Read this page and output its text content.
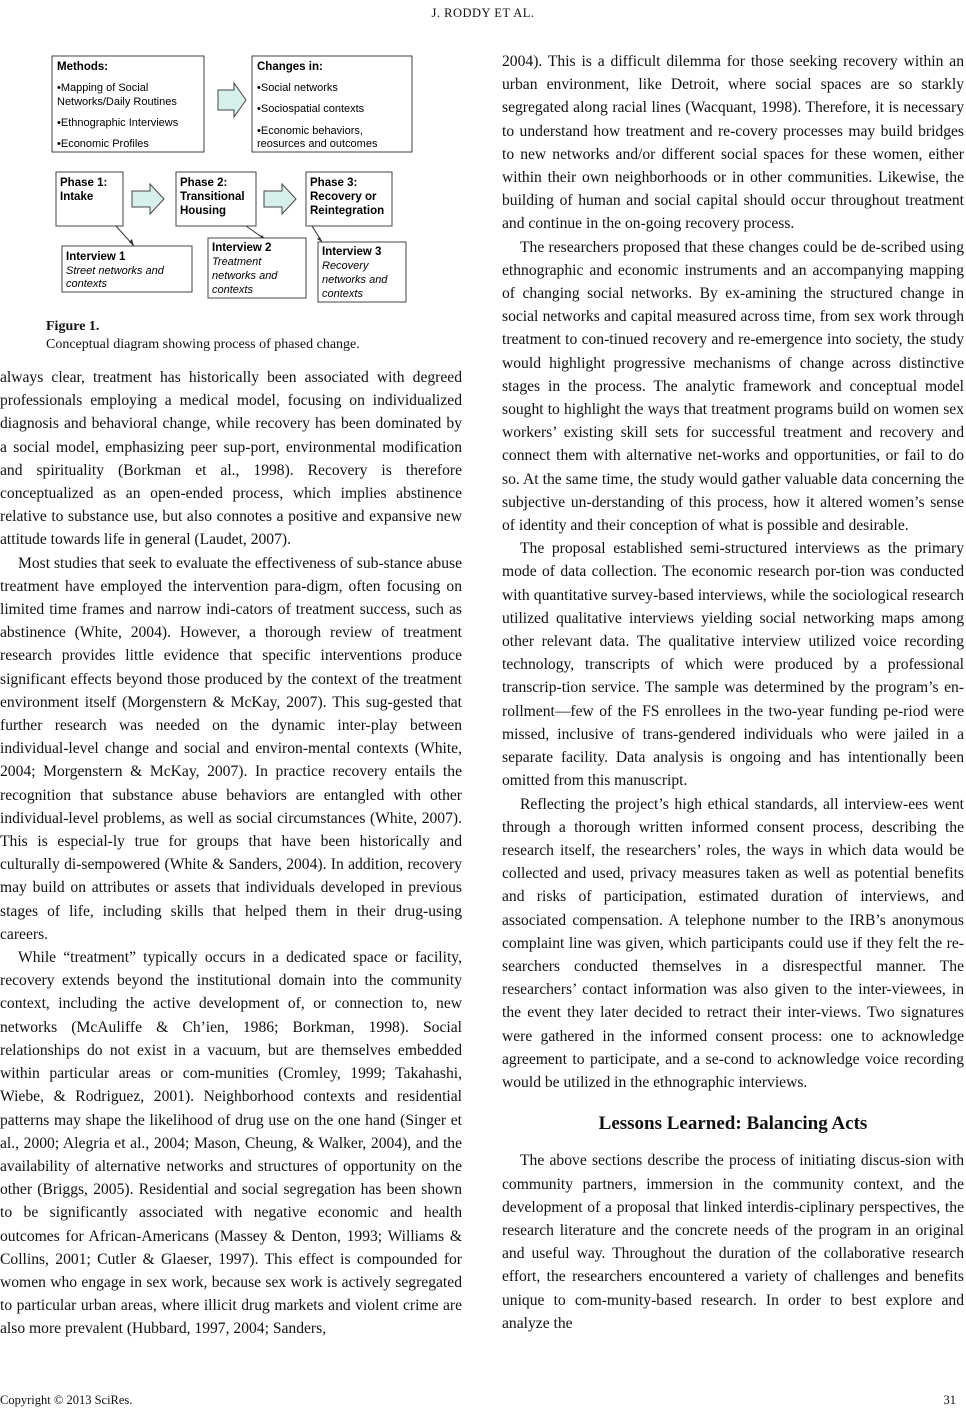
J. RODDY ET AL.
Methods:
•Mapping of Social
Networks/Daily Routines
•Ethnographic Interviews
•Economic Profiles
Changes in:
•Social networks
•Sociospatial contexts
•Economic behaviors,
reosurces and outcomes
Phase 1:
Intake
Phase 2:
Transitional
Housing
Phase 3:
Recovery or
Reintegration
Interview 1
Street networks and
contexts
Interview 2
Treatment
networks and
contexts
Interview 3
Recovery
networks and
contexts
Figure 1.
Conceptual diagram showing process of phased change.

always clear, treatment has historically been associated with degreed professionals employing a medical model, focusing on individualized diagnosis and behavioral change, while recovery has been dominated by a social model, emphasizing peer sup-port, environmental modification and spirituality (Borkman et al., 1998). Recovery is therefore conceptualized as an open-ended process, which implies abstinence relative to substance use, but also connotes a positive and expansive new attitude towards life in general (Laudet, 2007).

Most studies that seek to evaluate the effectiveness of sub-stance abuse treatment have employed the intervention para-digm, often focusing on limited time frames and narrow indi-cators of treatment success, such as abstinence (White, 2004). However, a thorough review of treatment research provides little evidence that specific interventions produce significant effects beyond those produced by the context of the treatment environment itself (Morgenstern & McKay, 2007). This sug-gested that further research was needed on the dynamic inter-play between individual-level change and social and environ-mental contexts (White, 2004; Morgenstern & McKay, 2007). In practice recovery entails the recognition that substance abuse behaviors are entangled with other individual-level problems, as well as social circumstances (White, 2007). This is especial-ly true for groups that have been historically and culturally di-sempowered (White & Sanders, 2004). In addition, recovery may build on attributes or assets that individuals developed in previous stages of life, including skills that helped them in their drug-using careers.

While “treatment” typically occurs in a dedicated space or facility, recovery extends beyond the institutional domain into the community context, including the active development of, or connection to, new networks (McAuliffe & Ch’ien, 1986; Borkman, 1998). Social relationships do not exist in a vacuum, but are themselves embedded within particular areas or com-munities (Cromley, 1999; Takahashi, Wiebe, & Rodriguez, 2001). Neighborhood contexts and residential patterns may shape the likelihood of drug use on the one hand (Singer et al., 2000; Alegria et al., 2004; Mason, Cheung, & Walker, 2004), and the availability of alternative networks and structures of opportunity on the other (Briggs, 2005). Residential and social segregation has been shown to be significantly associated with negative economic and health outcomes for African-Americans (Massey & Denton, 1993; Williams & Collins, 2001; Cutler & Glaeser, 1997). This effect is compounded for women who engage in sex work, because sex work is actively segregated to particular urban areas, where illicit drug markets and violent crime are also more prevalent (Hubbard, 1997, 2004; Sanders,

2004). This is a difficult dilemma for those seeking recovery within an urban environment, like Detroit, where social spaces are so starkly segregated along racial lines (Wacquant, 1998). Therefore, it is necessary to understand how treatment and re-covery processes may build bridges to new networks and/or different social spaces for these women, either within their own neighborhoods or in other communities. Likewise, the building of human and social capital should occur throughout treatment and continue in the on-going recovery process.

The researchers proposed that these changes could be de-scribed using ethnographic and economic instruments and an accompanying mapping of changing social networks. By ex-amining the structured change in social networks and capital measured across time, from sex work through treatment to con-tinued recovery and re-emergence into society, the study would highlight progressive mechanisms of change across distinctive stages in the process. The analytic framework and conceptual model sought to highlight the ways that treatment programs build on women sex workers’ existing skill sets for successful treatment and recovery and connect them with alternative net-works and opportunities, or fail to do so. At the same time, the study would gather valuable data concerning the subjective un-derstanding of this process, how it altered women’s sense of identity and their conception of what is possible and desirable.

The proposal established semi-structured interviews as the primary mode of data collection. The economic research por-tion was conducted with quantitative survey-based interviews, while the sociological research utilized qualitative interviews yielding social networking maps among other relevant data. The qualitative interview utilized voice recording technology, transcripts of which were produced by a professional transcrip-tion service. The sample was determined by the program’s en-rollment—few of the FS enrollees in the two-year funding pe-riod were missed, inclusive of trans-gendered individuals who were jailed in a separate facility. Data analysis is ongoing and has intentionally been omitted from this manuscript.

Reflecting the project’s high ethical standards, all interview-ees went through a thorough written informed consent process, describing the research itself, the researchers’ roles, the ways in which data would be collected and used, privacy measures taken as well as potential benefits and risks of participation, estimated duration of interviews, and associated compensation. A telephone number to the IRB’s anonymous complaint line was given, which participants could use if they felt the re-searchers conducted themselves in a disrespectful manner. The researchers’ contact information was also given to the inter-viewees, in the event they later decided to retract their inter-views. Two signatures were gathered in the informed consent process: one to acknowledge agreement to participate, and a se-cond to acknowledge voice recording would be utilized in the ethnographic interviews.

Lessons Learned: Balancing Acts

The above sections describe the process of initiating discus-sion with community partners, immersion in the community context, and the development of a proposal that linked interdis-ciplinary perspectives, the research literature and the concrete needs of the program in an original and useful way. Throughout the duration of the collaborative research effort, the researchers encountered a variety of challenges and benefits unique to com-munity-based research. In order to best explore and analyze the

Copyright © 2013 SciRes.	31
